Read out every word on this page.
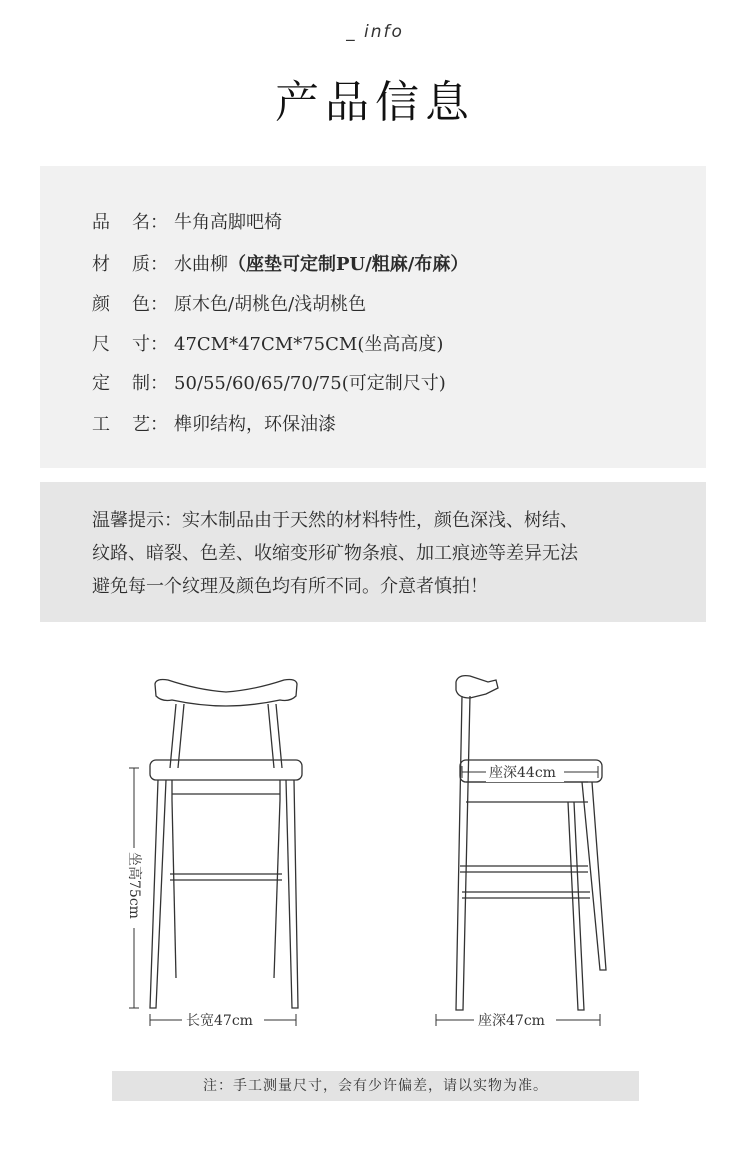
_ info
产品信息
品 名： 牛角高脚吧椅
材 质： 水曲柳（座垫可定制PU/粗麻/布麻）
颜 色： 原木色/胡桃色/浅胡桃色
尺 寸： 47CM*47CM*75CM(坐高高度)
定 制： 50/55/60/65/70/75(可定制尺寸)
工 艺： 榫卯结构，环保油漆
温馨提示：实木制品由于天然的材料特性，颜色深浅、树结、
纹路、暗裂、色差、收缩变形矿物条痕、加工痕迹等差异无法
避免每一个纹理及颜色均有所不同。介意者慎拍！
坐高75cm
长宽47cm
座深44cm
座深47cm
注：手工测量尺寸，会有少许偏差，请以实物为准。
